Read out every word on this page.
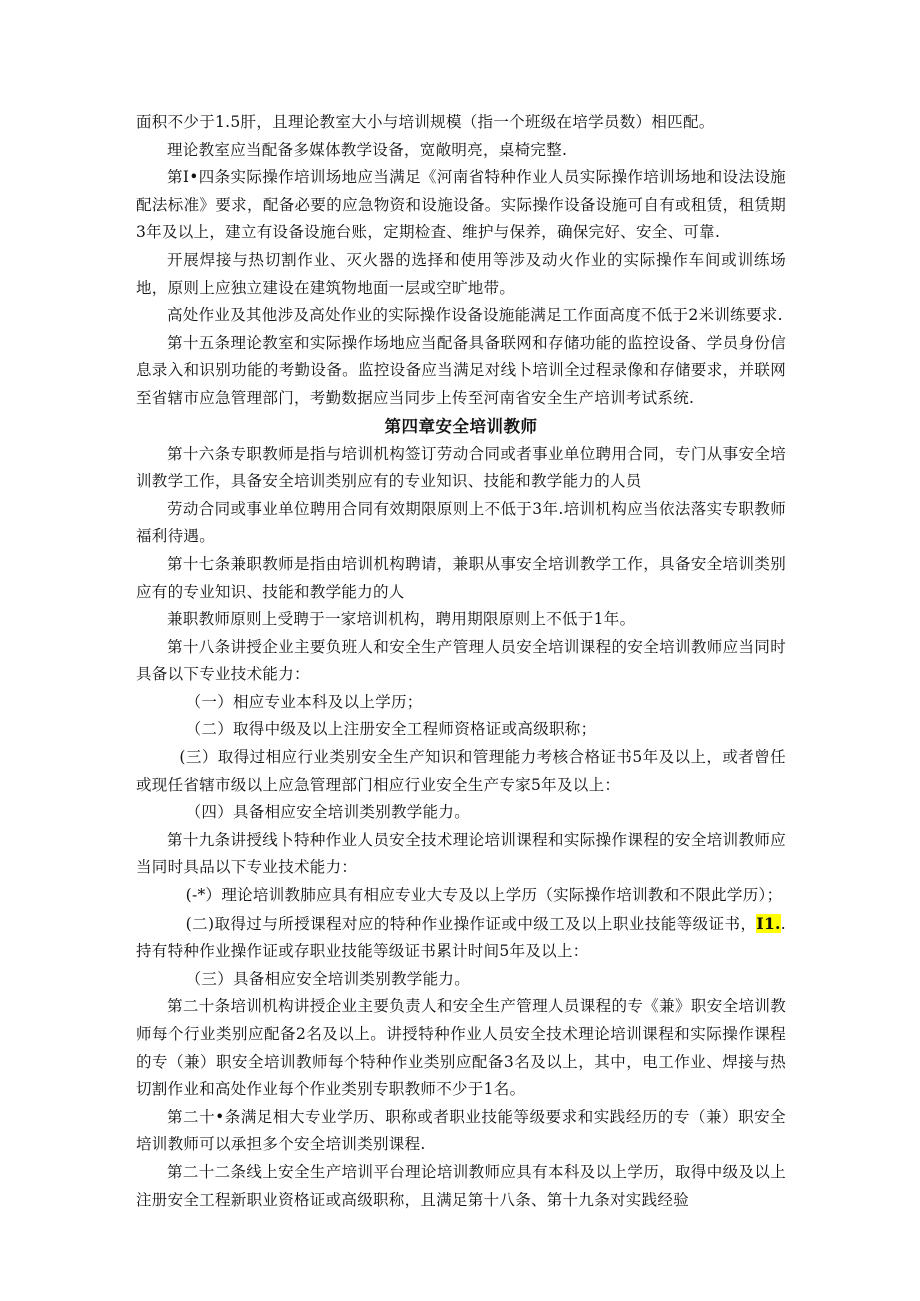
面积不少于1.5肝，且理论教室大小与培训规模（指一个班级在培学员数）相匹配。

理论教室应当配备多媒体教学设备，宽敞明亮，桌椅完整.

第I•四条实际操作培训场地应当满足《河南省特种作业人员实际操作培训场地和设法设施配法标准》要求，配备必要的应急物资和设施设备。实际操作设备设施可自有或租赁，租赁期3年及以上，建立有设备设施台账，定期检査、维护与保养，确保完好、安全、可靠.

开展焊接与热切割作业、灭火器的选择和使用等涉及动火作业的实际操作车间或训练场地，原则上应独立建设在建筑物地面一层或空旷地带。

高处作业及其他涉及高处作业的实际操作设备设施能满足工作面高度不低于2米训练要求.

第十五条理论教室和实际操作场地应当配备具备联网和存储功能的监控设备、学员身份信息录入和识别功能的考勤设备。监控设备应当满足对线卜培训全过程录像和存储要求，并联网至省辖市应急管理部门，考勤数据应当同步上传至河南省安全生产培训考试系统.

第四章安全培训教师

第十六条专职教师是指与培训机构签订劳动合同或者事业单位聘用合同，专门从事安全培训教学工作，具备安全培训类别应有的专业知识、技能和教学能力的人员

劳动合同或事业单位聘用合同有效期限原则上不低于3年.培训机构应当依法落实专职教师福利待遇。

第十七条兼职教师是指由培训机构聘请，兼职从事安全培训教学工作，具备安全培训类别应有的专业知识、技能和教学能力的人

兼职教师原则上受聘于一家培训机构，聘用期限原则上不低于1年。

第十八条讲授企业主要负班人和安全生产管理人员安全培训课程的安全培训教师应当同时具备以下专业技术能力：

（一）相应专业本科及以上学历；

（二）取得中级及以上注册安全工程师资格证或高级职称；

(三）取得过相应行业类别安全生产知识和管理能力考核合格证书5年及以上，或者曾任或现任省辖市级以上应急管理部门相应行业安全生产专家5年及以上：

（四）具备相应安全培训类别教学能力。

第十九条讲授线卜特种作业人员安全技术理论培训课程和实际操作课程的安全培训教师应当同时具品以下专业技术能力：

(-*）理论培训教肺应具有相应专业大专及以上学历（实际操作培训教和不限此学历）；

(二)取得过与所授课程对应的特种作业操作证或中级工及以上职业技能等级证书，I1..持有特种作业操作证或存职业技能等级证书累计时间5年及以上：

（三）具备相应安全培训类别教学能力。

第二十条培训机构讲授企业主要负责人和安全生产管理人员课程的专《兼》职安全培训教师每个行业类别应配备2名及以上。讲授特种作业人员安全技术理论培训课程和实际操作课程的专（兼）职安全培训教师每个特种作业类别应配备3名及以上，其中，电工作业、焊接与热切割作业和高处作业每个作业类别专职教师不少于1名。

第二十•条满足相大专业学历、职称或者职业技能等级要求和实践经历的专（兼）职安全培训教师可以承担多个安全培训类别课程.

第二十二条线上安全生产培训平台理论培训教师应具有本科及以上学历，取得中级及以上注册安全工程新职业资格证或高级职称，且满足第十八条、第十九条对实践经验
